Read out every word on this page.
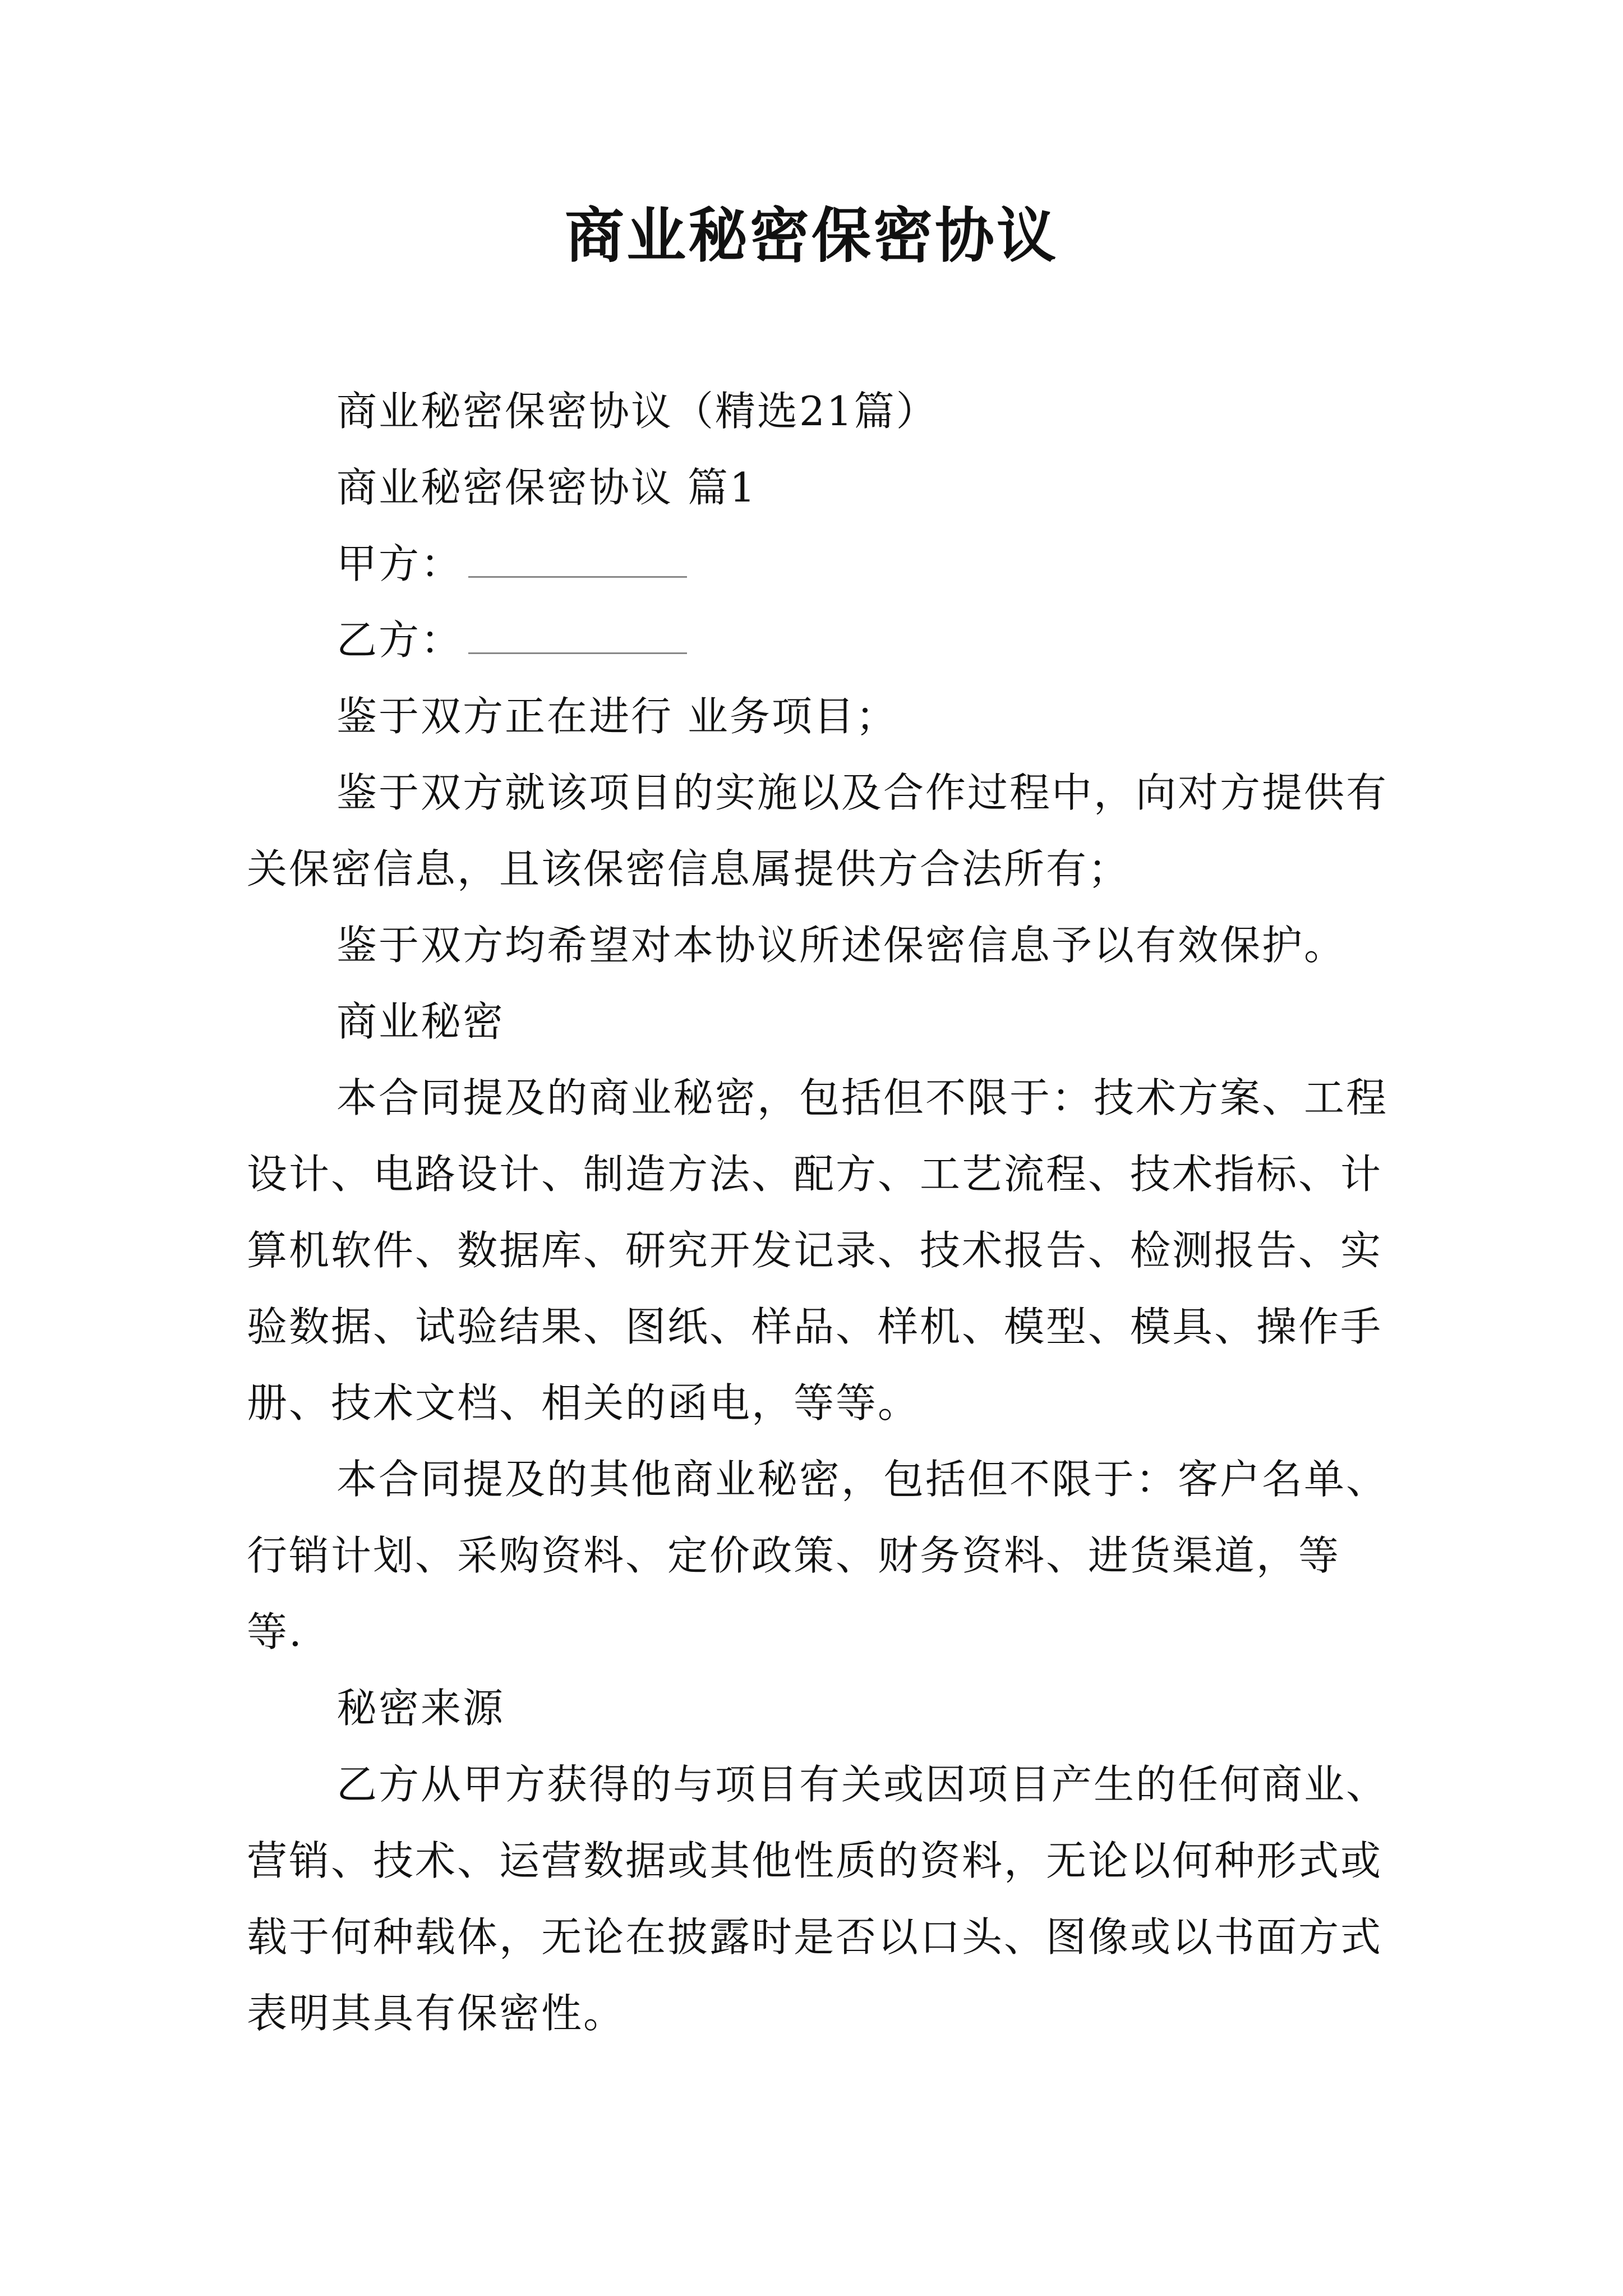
商业秘密保密协议

商业秘密保密协议（精选21篇）

商业秘密保密协议 篇1

甲方：

乙方：

鉴于双方正在进行 业务项目；

鉴于双方就该项目的实施以及合作过程中，向对方提供有关保密信息，且该保密信息属提供方合法所有；

鉴于双方均希望对本协议所述保密信息予以有效保护。

商业秘密

本合同提及的商业秘密，包括但不限于：技术方案、工程设计、电路设计、制造方法、配方、工艺流程、技术指标、计算机软件、数据库、研究开发记录、技术报告、检测报告、实验数据、试验结果、图纸、样品、样机、模型、模具、操作手册、技术文档、相关的函电，等等。

本合同提及的其他商业秘密，包括但不限于：客户名单、行销计划、采购资料、定价政策、财务资料、进货渠道，等等.

秘密来源

乙方从甲方获得的与项目有关或因项目产生的任何商业、营销、技术、运营数据或其他性质的资料，无论以何种形式或载于何种载体，无论在披露时是否以口头、图像或以书面方式表明其具有保密性。
